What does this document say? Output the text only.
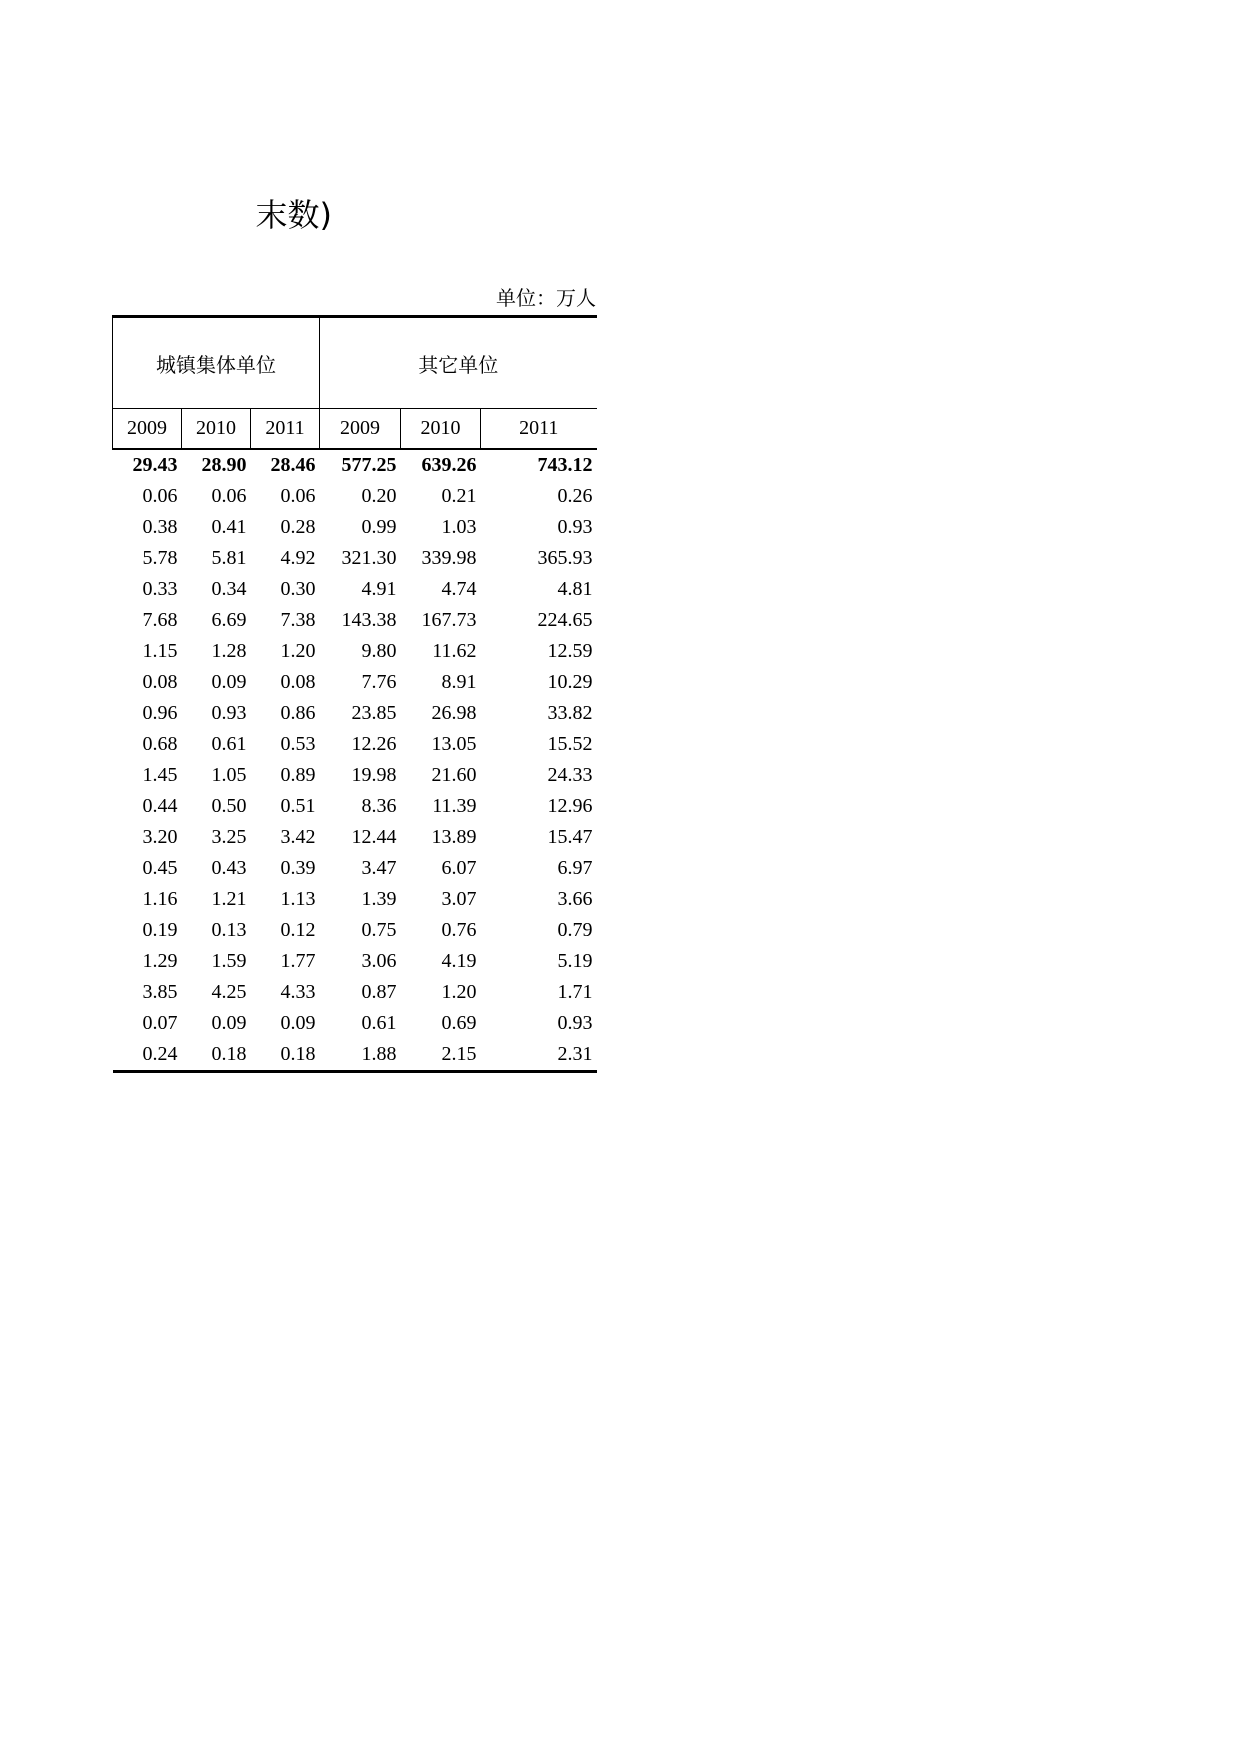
末数)
单位：万人
城镇集体单位			其它单位		
2009	2010	2011	2009	2010	2011
29.43	28.90	28.46	577.25	639.26	743.12
0.06	0.06	0.06	0.20	0.21	0.26
0.38	0.41	0.28	0.99	1.03	0.93
5.78	5.81	4.92	321.30	339.98	365.93
0.33	0.34	0.30	4.91	4.74	4.81
7.68	6.69	7.38	143.38	167.73	224.65
1.15	1.28	1.20	9.80	11.62	12.59
0.08	0.09	0.08	7.76	8.91	10.29
0.96	0.93	0.86	23.85	26.98	33.82
0.68	0.61	0.53	12.26	13.05	15.52
1.45	1.05	0.89	19.98	21.60	24.33
0.44	0.50	0.51	8.36	11.39	12.96
3.20	3.25	3.42	12.44	13.89	15.47
0.45	0.43	0.39	3.47	6.07	6.97
1.16	1.21	1.13	1.39	3.07	3.66
0.19	0.13	0.12	0.75	0.76	0.79
1.29	1.59	1.77	3.06	4.19	5.19
3.85	4.25	4.33	0.87	1.20	1.71
0.07	0.09	0.09	0.61	0.69	0.93
0.24	0.18	0.18	1.88	2.15	2.31
